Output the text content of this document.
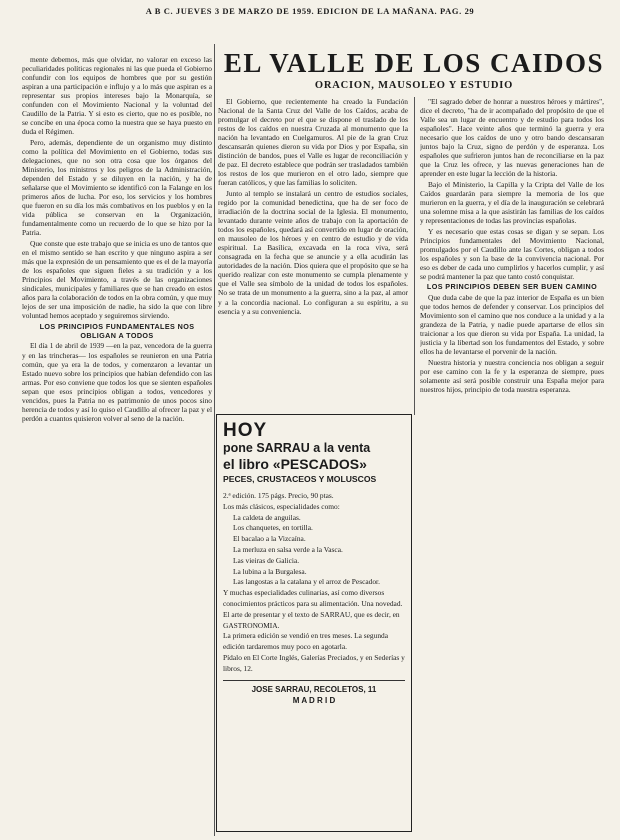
A B C. JUEVES 3 DE MARZO DE 1959. EDICION DE LA MAÑANA. PAG. 29

mente debemos, más que olvidar, no valorar en exceso las peculiaridades políticas regionales ni las que pueda el Gobierno confundir con los equipos de hombres que por su gestión aspiran a una participación e influjo y a lo más que aspiran es a representar sus propios intereses bajo la Monarquía, se confunden con el Movimiento Nacional y la voluntad del Caudillo de la Patria. Y si esto es cierto, que no es posible, no se concibe en una época como la nuestra que se haya puesto en duda el Régimen.

Pero, además, dependiente de un organismo muy distinto como la política del Movimiento en el Gobierno, todas sus delegaciones, que no son otra cosa que los órganos del Ministerio, los ministros y los peligros de la Administración, dependen del Estado y se diluyen en la nación, y ha de señalarse que el Movimiento se identificó con la Falange en los primeros años de lucha. Por eso, los servicios y los hombres que fueron en su día los más combativos en los pueblos y en la vida pública se conservan en la Organización, fundamentalmente como un recuerdo de lo que se hizo por la Patria.

Que conste que este trabajo que se inicia es uno de tantos que en el mismo sentido se han escrito y que ninguno aspira a ser más que la expresión de un pensamiento que es el de la mayoría de los españoles que siguen fieles a su tradición y a los Principios del Movimiento, a través de las organizaciones sindicales, municipales y familiares que se han creado en estos años para la colaboración de todos en la obra común, y que muy lejos de ser una imposición de nadie, ha sido la que con libre voluntad hemos aceptado y seguiremos sirviendo.

LOS PRINCIPIOS FUNDAMENTALES NOS OBLIGAN A TODOS

El día 1 de abril de 1939 —en la paz, vencedora de la guerra y en las trincheras— los españoles se reunieron en una Patria común, que ya era la de todos, y comenzaron a levantar un Estado nuevo sobre los principios que habían defendido con las armas. Por eso conviene que todos los que se sienten españoles sepan que esos principios obligan a todos, vencedores y vencidos, pues la Patria no es patrimonio de unos pocos sino herencia de todos y así lo quiso el Caudillo al ofrecer la paz y el perdón a cuantos quisieron volver al seno de la nación.

EL VALLE DE LOS CAIDOS
ORACION, MAUSOLEO Y ESTUDIO

El Gobierno, que recientemente ha creado la Fundación Nacional de la Santa Cruz del Valle de los Caídos, acaba de promulgar el decreto por el que se dispone el traslado de los restos de los caídos en nuestra Cruzada al monumento que la nación ha levantado en Cuelgamuros. Al pie de la gran Cruz descansarán quienes dieron su vida por Dios y por España, sin distinción de bandos, pues el Valle es lugar de reconciliación y de paz. El decreto establece que podrán ser trasladados también los restos de los que murieron en el otro lado, siempre que fueran católicos, y que las familias lo soliciten.

Junto al templo se instalará un centro de estudios sociales, regido por la comunidad benedictina, que ha de ser foco de irradiación de la doctrina social de la Iglesia. El monumento, levantado durante veinte años de trabajo con la aportación de todos los españoles, quedará así convertido en lugar de oración, en mausoleo de los héroes y en centro de estudio y de vida espiritual. La Basílica, excavada en la roca viva, será consagrada en la fecha que se anuncie y a ella acudirán las autoridades de la nación. Dios quiera que el propósito que se ha querido realizar con este monumento se cumpla plenamente y que el Valle sea símbolo de la unidad de todos los españoles. No se trata de un monumento a la guerra, sino a la paz, al amor y a la concordia nacional. Lo configuran a su espíritu, a su esencia y a su conveniencia.

"El sagrado deber de honrar a nuestros héroes y mártires", dice el decreto, "ha de ir acompañado del propósito de que el Valle sea un lugar de encuentro y de estudio para todos los españoles". Hace veinte años que terminó la guerra y era necesario que los caídos de uno y otro bando descansaran juntos bajo la Cruz, signo de perdón y de esperanza. Los españoles que sufrieron juntos han de reconciliarse en la paz que la Cruz les ofrece, y las nuevas generaciones han de aprender en este lugar la lección de la historia.

Bajo el Ministerio, la Capilla y la Cripta del Valle de los Caídos guardarán para siempre la memoria de los que murieron en la guerra, y el día de la inauguración se celebrará una solemne misa a la que asistirán las familias de los caídos y representaciones de todas las provincias españolas.

Y es necesario que estas cosas se digan y se sepan. Los Principios fundamentales del Movimiento Nacional, promulgados por el Caudillo ante las Cortes, obligan a todos los españoles y son la base de la convivencia nacional. Por eso es deber de cada uno cumplirlos y hacerlos cumplir, y así se podrá mantener la paz que tanto costó conquistar.

LOS PRINCIPIOS DEBEN SER BUEN CAMINO

Que duda cabe de que la paz interior de España es un bien que todos hemos de defender y conservar. Los principios del Movimiento son el camino que nos conduce a la unidad y a la grandeza de la Patria, y nadie puede apartarse de ellos sin traicionar a los que dieron su vida por España. La unidad, la justicia y la libertad son los fundamentos del Estado, y sobre ellos ha de levantarse el porvenir de la nación.

Nuestra historia y nuestra conciencia nos obligan a seguir por ese camino con la fe y la esperanza de siempre, pues solamente así será posible construir una España mejor para nuestros hijos, principio de toda nuestra esperanza.

HOY
pone SARRAU a la venta
el libro «PESCADOS»
PECES, CRUSTACEOS Y MOLUSCOS
2.ª edición. 175 págs. Precio, 90 ptas.
Los más clásicos, especialidades como:
La caldeta de anguilas.
Los chanquetes, en tortilla.
El bacalao a la Vizcaína.
La merluza en salsa verde a la Vasca.
Las vieiras de Galicia.
La lubina a la Burgalesa.
Las langostas a la catalana y el arroz de Pescador.
Y muchas especialidades culinarias, así como diversos conocimientos prácticos para su alimentación. Una novedad. El arte de presentar y el texto de SARRAU, que es decir, en GASTRONOMIA.
La primera edición se vendió en tres meses. La segunda edición tardaremos muy poco en agotarla.
Pídalo en El Corte Inglés, Galerías Preciados, y en Sederías y libros, 12.
JOSE SARRAU, RECOLETOS, 11
M A D R I D
